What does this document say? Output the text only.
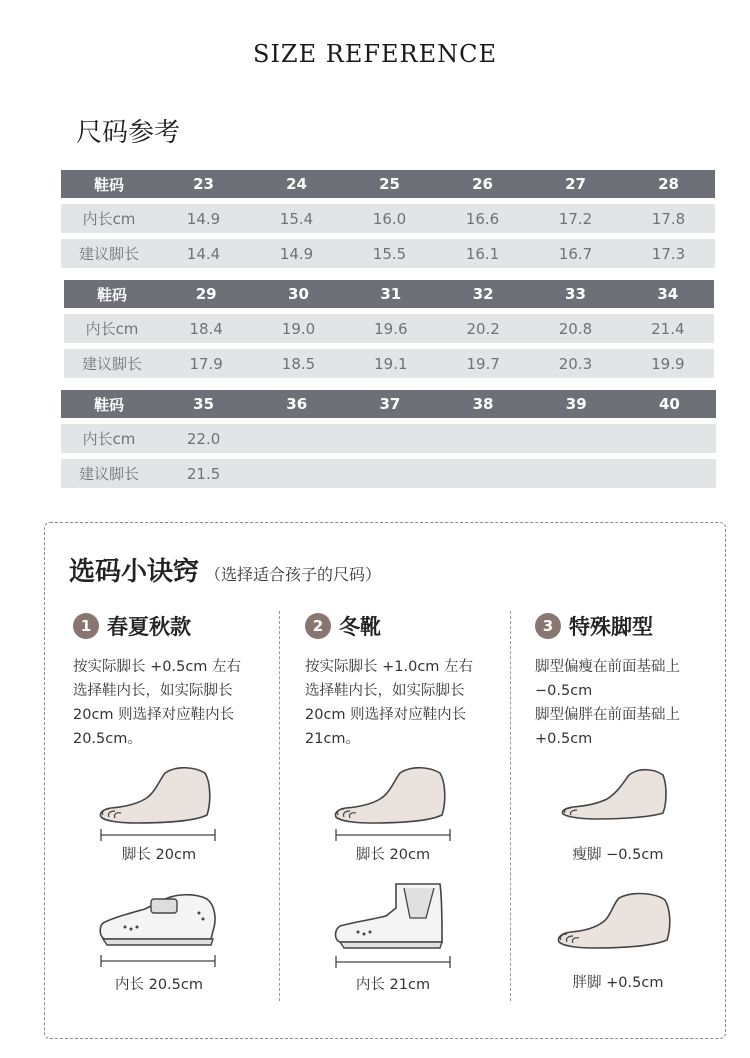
SIZE REFERENCE
尺码参考
鞋码	23	24	25	26	27	28
内长cm	14.9	15.4	16.0	16.6	17.2	17.8
建议脚长	14.4	14.9	15.5	16.1	16.7	17.3
鞋码	29	30	31	32	33	34
内长cm	18.4	19.0	19.6	20.2	20.8	21.4
建议脚长	17.9	18.5	19.1	19.7	20.3	19.9
鞋码	35	36	37	38	39	40
内长cm	22.0					
建议脚长	21.5					
选码小诀窍 （选择适合孩子的尺码）
1 春夏秋款

按实际脚长 +0.5cm 左右

选择鞋内长，如实际脚长

20cm 则选择对应鞋内长

20.5cm。

2 冬靴

按实际脚长 +1.0cm 左右

选择鞋内长，如实际脚长

20cm 则选择对应鞋内长

21cm。

3 特殊脚型

脚型偏瘦在前面基础上

−0.5cm

脚型偏胖在前面基础上

+0.5cm

脚长 20cm
内长 20.5cm
脚长 20cm
内长 21cm
瘦脚 −0.5cm
胖脚 +0.5cm
